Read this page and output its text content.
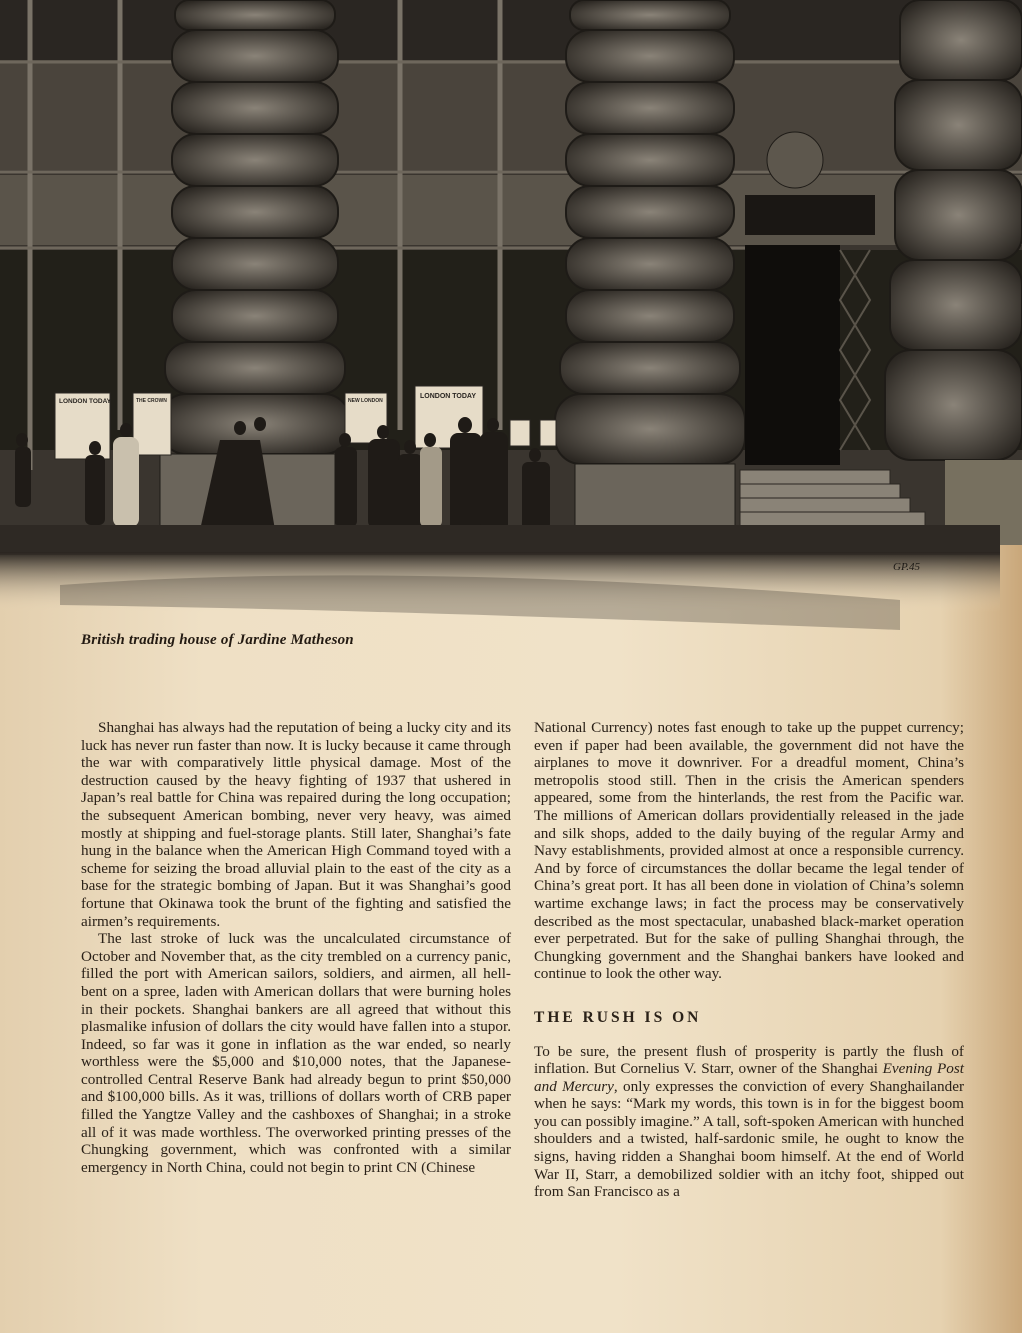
LONDON TODAY	THE CROWN	NEW LONDON
LONDON TODAY
GP.45
British trading house of Jardine Matheson

Shanghai has always had the reputation of being a lucky city and its luck has never run faster than now. It is lucky because it came through the war with comparatively little physical damage. Most of the destruction caused by the heavy fighting of 1937 that ushered in Japan’s real battle for China was repaired during the long occupation; the subsequent American bombing, never very heavy, was aimed mostly at shipping and fuel-storage plants. Still later, Shanghai’s fate hung in the balance when the American High Command toyed with a scheme for seizing the broad alluvial plain to the east of the city as a base for the strategic bombing of Japan. But it was Shanghai’s good fortune that Okinawa took the brunt of the fighting and satisfied the airmen’s requirements.

The last stroke of luck was the uncalculated circumstance of October and November that, as the city trembled on a currency panic, filled the port with American sailors, soldiers, and airmen, all hell-bent on a spree, laden with American dollars that were burning holes in their pockets. Shanghai bankers are all agreed that without this plasmalike infusion of dollars the city would have fallen into a stupor. Indeed, so far was it gone in inflation as the war ended, so nearly worthless were the $5,000 and $10,000 notes, that the Japanese-controlled Central Reserve Bank had already begun to print $50,000 and $100,000 bills. As it was, trillions of dollars worth of CRB paper filled the Yangtze Valley and the cashboxes of Shanghai; in a stroke all of it was made worthless. The overworked printing presses of the Chungking government, which was confronted with a similar emergency in North China, could not begin to print CN (Chinese

National Currency) notes fast enough to take up the puppet currency; even if paper had been available, the government did not have the airplanes to move it downriver. For a dreadful moment, China’s metropolis stood still. Then in the crisis the American spenders appeared, some from the hinterlands, the rest from the Pacific war. The millions of American dollars providentially released in the jade and silk shops, added to the daily buying of the regular Army and Navy establishments, provided almost at once a responsible currency. And by force of circumstances the dollar became the legal tender of China’s great port. It has all been done in violation of China’s solemn wartime exchange laws; in fact the process may be conservatively described as the most spectacular, unabashed black-market operation ever perpetrated. But for the sake of pulling Shanghai through, the Chungking government and the Shanghai bankers have looked and continue to look the other way.

THE RUSH IS ON

To be sure, the present flush of prosperity is partly the flush of inflation. But Cornelius V. Starr, owner of the Shanghai Evening Post and Mercury, only expresses the conviction of every Shanghailander when he says: “Mark my words, this town is in for the biggest boom you can possibly imagine.” A tall, soft-spoken American with hunched shoulders and a twisted, half-sardonic smile, he ought to know the signs, having ridden a Shanghai boom himself. At the end of World War II, Starr, a demobilized soldier with an itchy foot, shipped out from San Francisco as a
